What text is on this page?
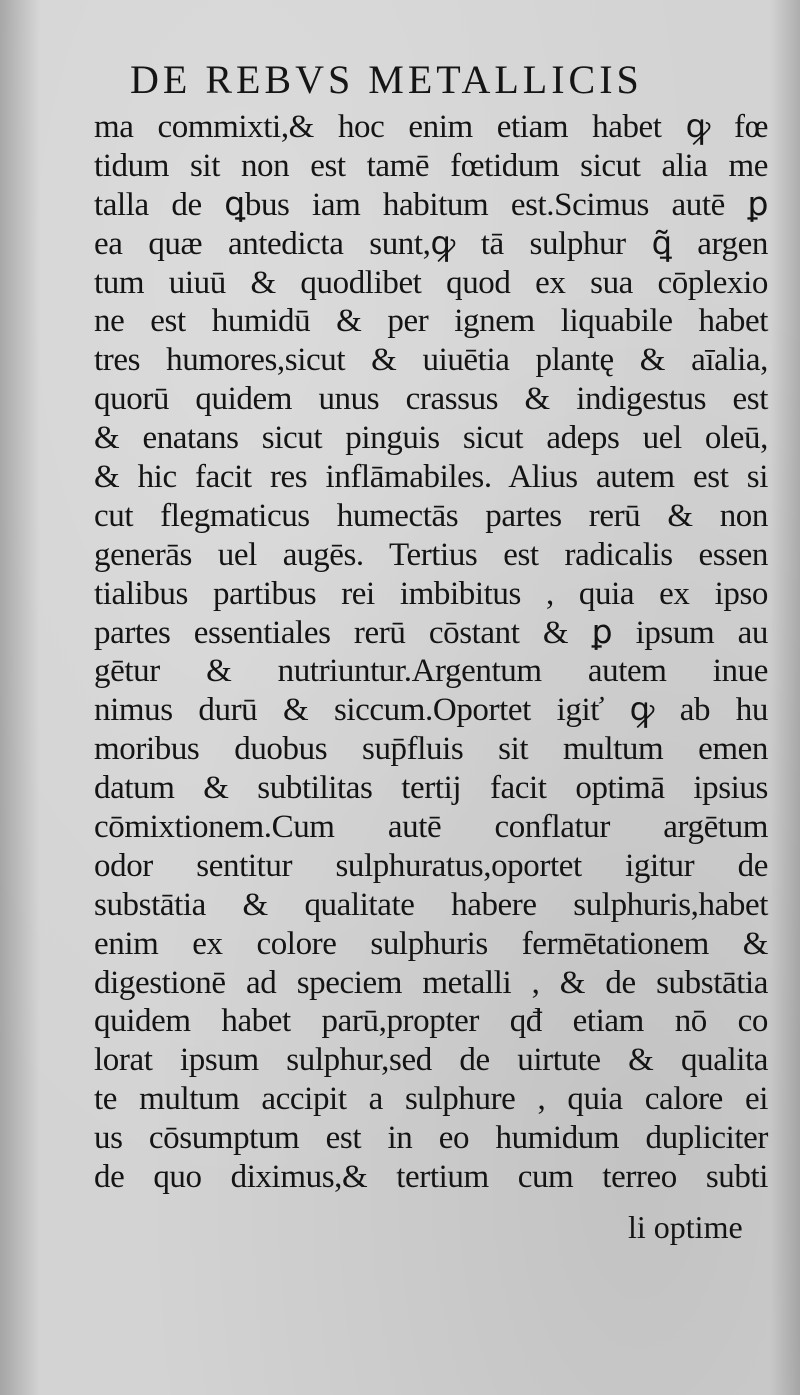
DE REBVS METALLICIS
ma commixti,& hoc enim etiam habet ꝙ fœ
tidum sit non est tamē fœtidum sicut alia me
talla de ꝗbus iam habitum est.Scimus autē ꝑ
ea quæ antedicta sunt,ꝙ tā sulphur ꝗ̃ argen
tum uiuū & quodlibet quod ex sua cōplexio
ne est humidū & per ignem liquabile habet
tres humores,sicut & uiuētia plantę & aīalia,
quorū quidem unus crassus & indigestus est
& enatans sicut pinguis sicut adeps uel oleū,
& hic facit res inflāmabiles. Alius autem est si
cut flegmaticus humectās partes rerū & non
generās uel augēs. Tertius est radicalis essen
tialibus partibus rei imbibitus , quia ex ipso
partes essentiales rerū cōstant & ꝑ ipsum au
gētur & nutriuntur.Argentum autem inue
nimus durū & siccum.Oportet igiť ꝙ ab hu
moribus duobus sup̄fluis sit multum emen
datum & subtilitas tertij facit optimā ipsius
cōmixtionem.Cum autē conflatur argētum
odor sentitur sulphuratus,oportet igitur de
substātia & qualitate habere sulphuris,habet
enim ex colore sulphuris fermētationem &
digestionē ad speciem metalli , & de substātia
quidem habet parū,propter qđ etiam nō co
lorat ipsum sulphur,sed de uirtute & qualita
te multum accipit a sulphure , quia calore ei
us cōsumptum est in eo humidum dupliciter
de quo diximus,& tertium cum terreo subti
li optime
